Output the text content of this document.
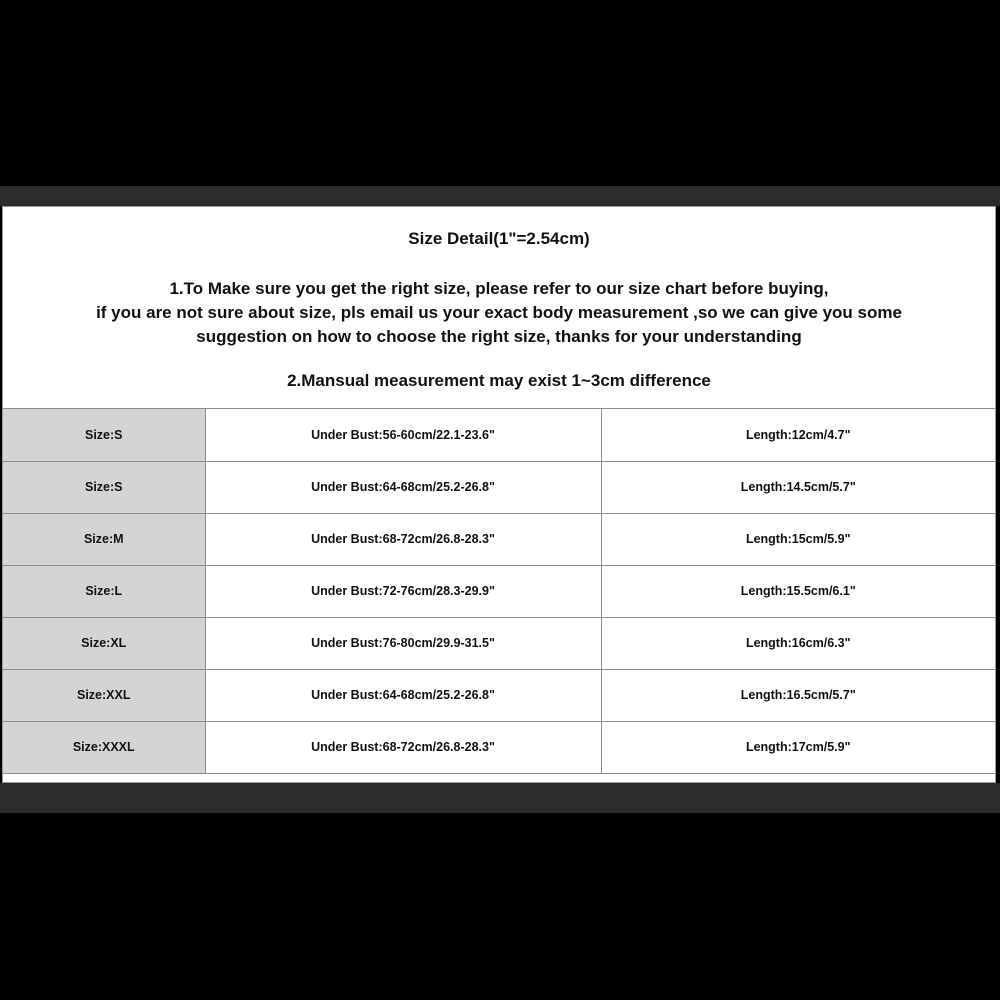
Size Detail(1"=2.54cm)
1.To Make sure you get the right size, please refer to our size chart before buying,
if you are not sure about size, pls email us your exact body measurement ,so we can give you some
suggestion on how to choose the right size, thanks for your understanding
2.Mansual measurement may exist 1~3cm difference
Size:S	Under Bust:56-60cm/22.1-23.6"	Length:12cm/4.7"
Size:S	Under Bust:64-68cm/25.2-26.8"	Length:14.5cm/5.7"
Size:M	Under Bust:68-72cm/26.8-28.3"	Length:15cm/5.9"
Size:L	Under Bust:72-76cm/28.3-29.9"	Length:15.5cm/6.1"
Size:XL	Under Bust:76-80cm/29.9-31.5"	Length:16cm/6.3"
Size:XXL	Under Bust:64-68cm/25.2-26.8"	Length:16.5cm/5.7"
Size:XXXL	Under Bust:68-72cm/26.8-28.3"	Length:17cm/5.9"
